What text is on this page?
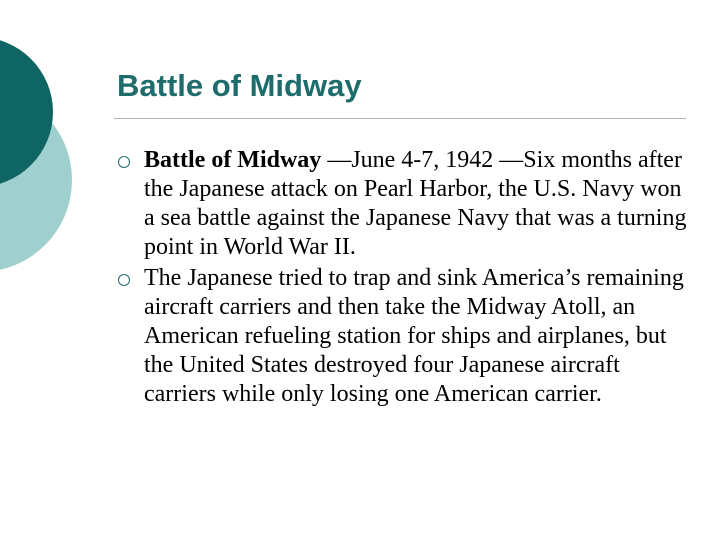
Battle of Midway
Battle of Midway —June 4-7, 1942 —Six months after the Japanese attack on Pearl Harbor, the U.S. Navy won a sea battle against the Japanese Navy that was a turning point in World War II.
The Japanese tried to trap and sink America’s remaining aircraft carriers and then take the Midway Atoll, an American refueling station for ships and airplanes, but the United States destroyed four Japanese aircraft carriers while only losing one American carrier.
